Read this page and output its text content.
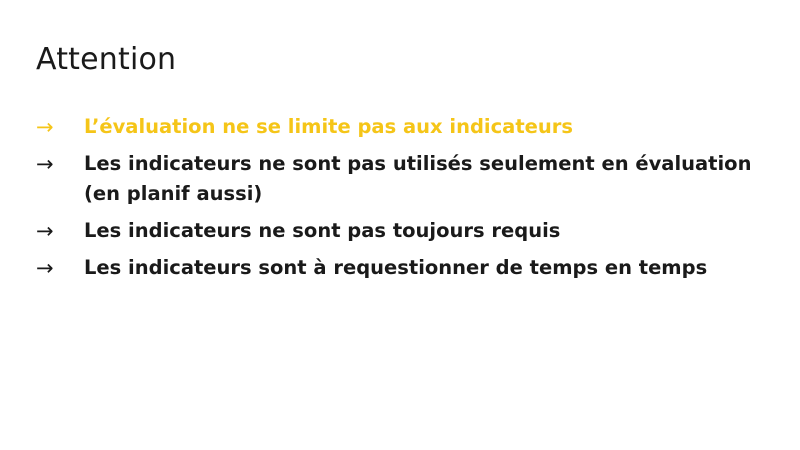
Attention
→	L’évaluation ne se limite pas aux indicateurs
→	Les indicateurs ne sont pas utilisés seulement en évaluation (en planif aussi)
→	Les indicateurs ne sont pas toujours requis
→	Les indicateurs sont à requestionner de temps en temps
